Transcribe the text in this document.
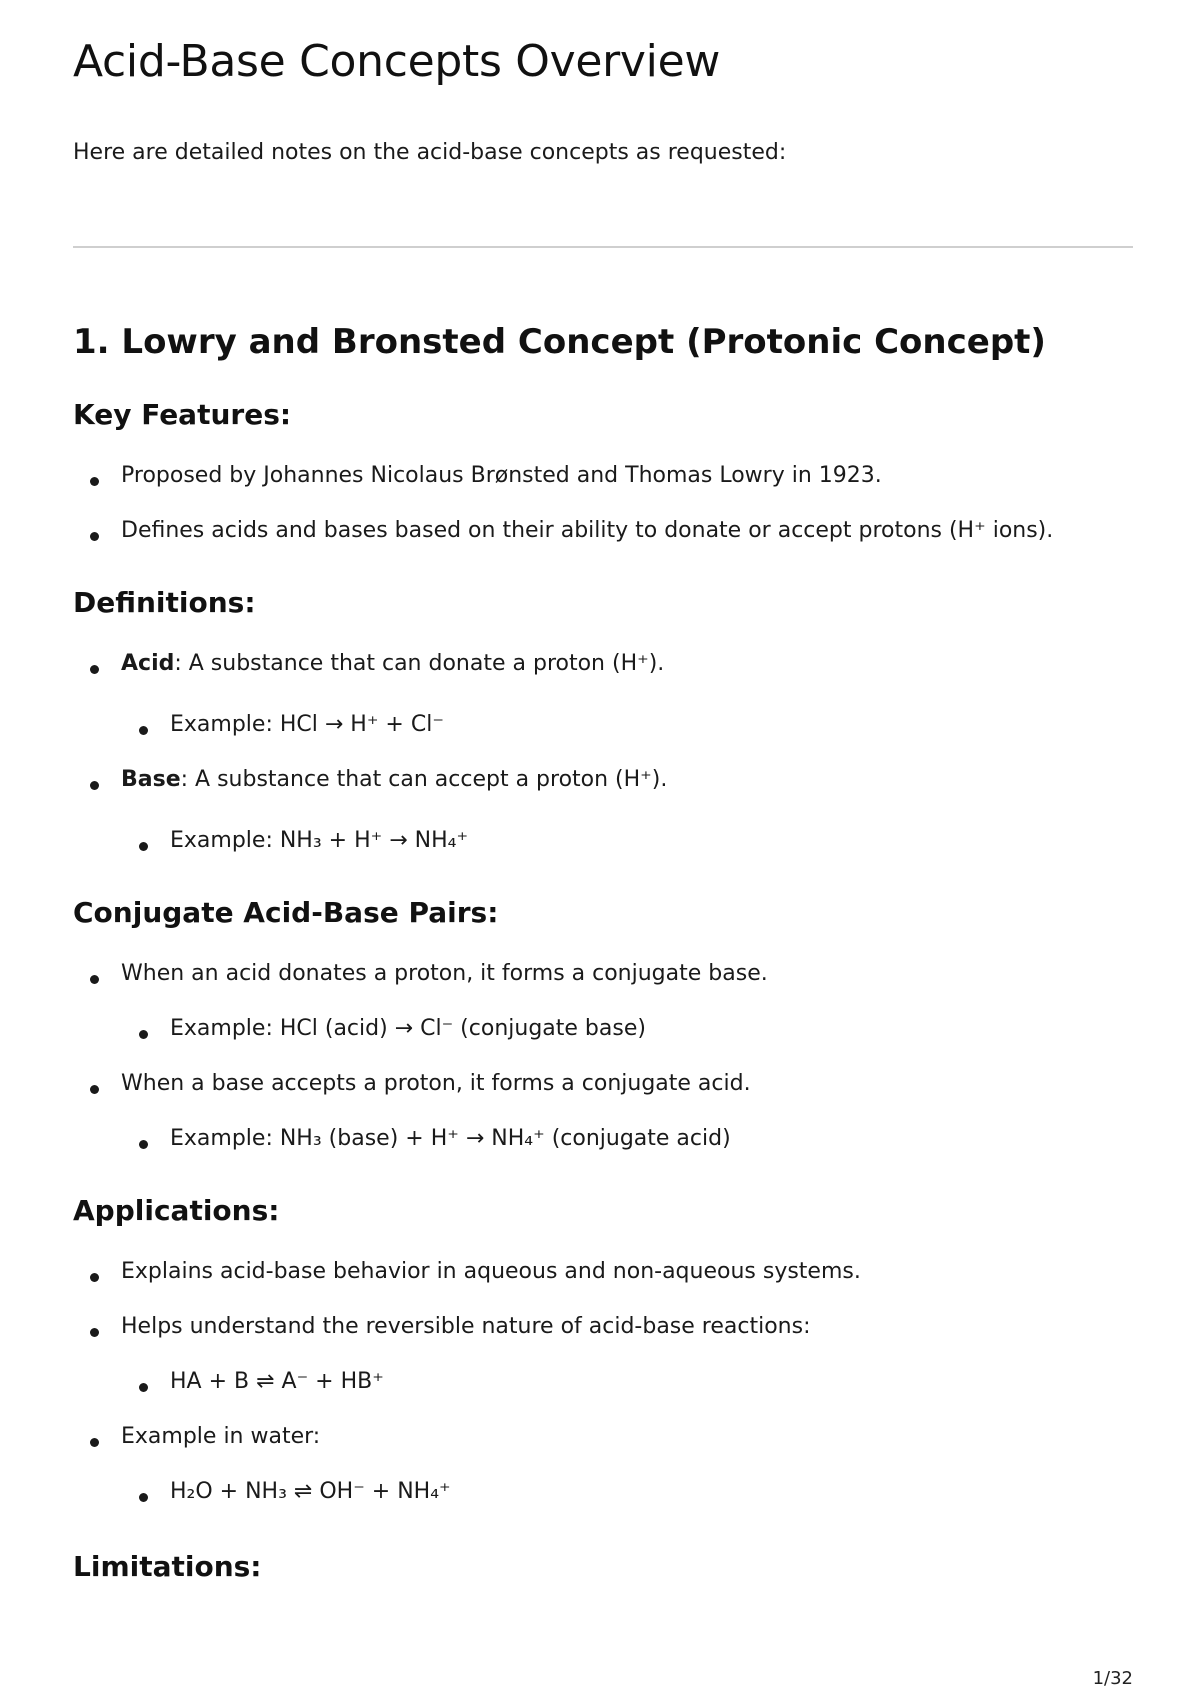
Acid-Base Concepts Overview

Here are detailed notes on the acid-base concepts as requested:

1. Lowry and Bronsted Concept (Protonic Concept)
Key Features:
Proposed by Johannes Nicolaus Brønsted and Thomas Lowry in 1923.
Defines acids and bases based on their ability to donate or accept protons (H⁺ ions).
Definitions:
Acid: A substance that can donate a proton (H⁺).
Example: HCl → H⁺ + Cl⁻
Base: A substance that can accept a proton (H⁺).
Example: NH₃ + H⁺ → NH₄⁺
Conjugate Acid-Base Pairs:
When an acid donates a proton, it forms a conjugate base.
Example: HCl (acid) → Cl⁻ (conjugate base)
When a base accepts a proton, it forms a conjugate acid.
Example: NH₃ (base) + H⁺ → NH₄⁺ (conjugate acid)
Applications:
Explains acid-base behavior in aqueous and non-aqueous systems.
Helps understand the reversible nature of acid-base reactions:
HA + B ⇌ A⁻ + HB⁺
Example in water:
H₂O + NH₃ ⇌ OH⁻ + NH₄⁺
Limitations:
1/32
